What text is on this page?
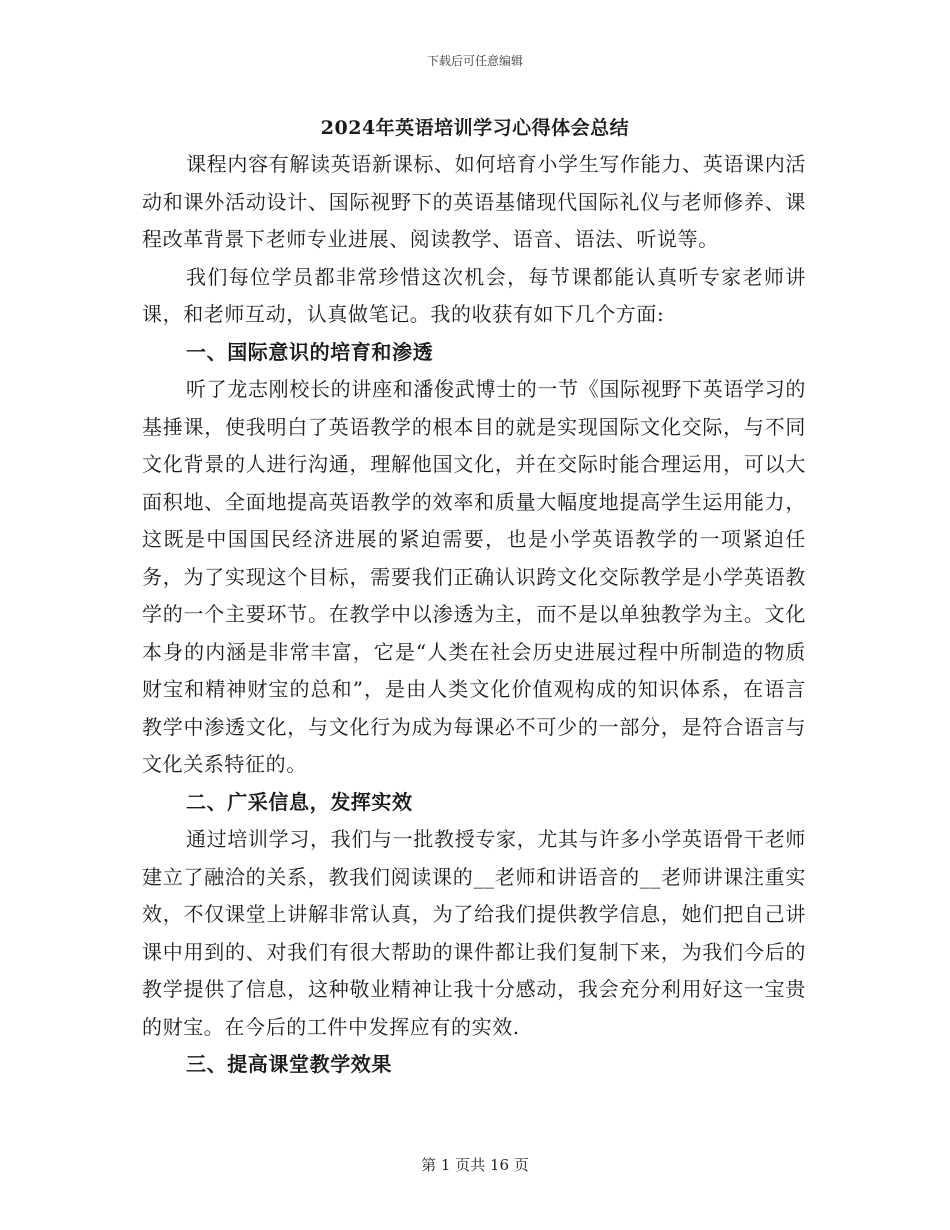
下载后可任意编辑
2024年英语培训学习心得体会总结

课程内容有解读英语新课标、如何培育小学生写作能力、英语课内活动和课外活动设计、国际视野下的英语基储现代国际礼仪与老师修养、课程改革背景下老师专业进展、阅读教学、语音、语法、听说等。

我们每位学员都非常珍惜这次机会，每节课都能认真听专家老师讲课，和老师互动，认真做笔记。我的收获有如下几个方面:

一、国际意识的培育和渗透

听了龙志刚校长的讲座和潘俊武博士的一节《国际视野下英语学习的基捶课，使我明白了英语教学的根本目的就是实现国际文化交际，与不同文化背景的人进行沟通，理解他国文化，并在交际时能合理运用，可以大面积地、全面地提高英语教学的效率和质量大幅度地提高学生运用能力，这既是中国国民经济进展的紧迫需要，也是小学英语教学的一项紧迫任务，为了实现这个目标，需要我们正确认识跨文化交际教学是小学英语教学的一个主要环节。在教学中以渗透为主，而不是以单独教学为主。文化本身的内涵是非常丰富，它是“人类在社会历史进展过程中所制造的物质财宝和精神财宝的总和”，是由人类文化价值观构成的知识体系，在语言教学中渗透文化，与文化行为成为每课必不可少的一部分，是符合语言与文化关系特征的。

二、广采信息，发挥实效

通过培训学习，我们与一批教授专家，尤其与许多小学英语骨干老师建立了融洽的关系，教我们阅读课的__老师和讲语音的__老师讲课注重实效，不仅课堂上讲解非常认真，为了给我们提供教学信息，她们把自己讲课中用到的、对我们有很大帮助的课件都让我们复制下来，为我们今后的教学提供了信息，这种敬业精神让我十分感动，我会充分利用好这一宝贵的财宝。在今后的工件中发挥应有的实效.

三、提高课堂教学效果

第 1 页共 16 页
